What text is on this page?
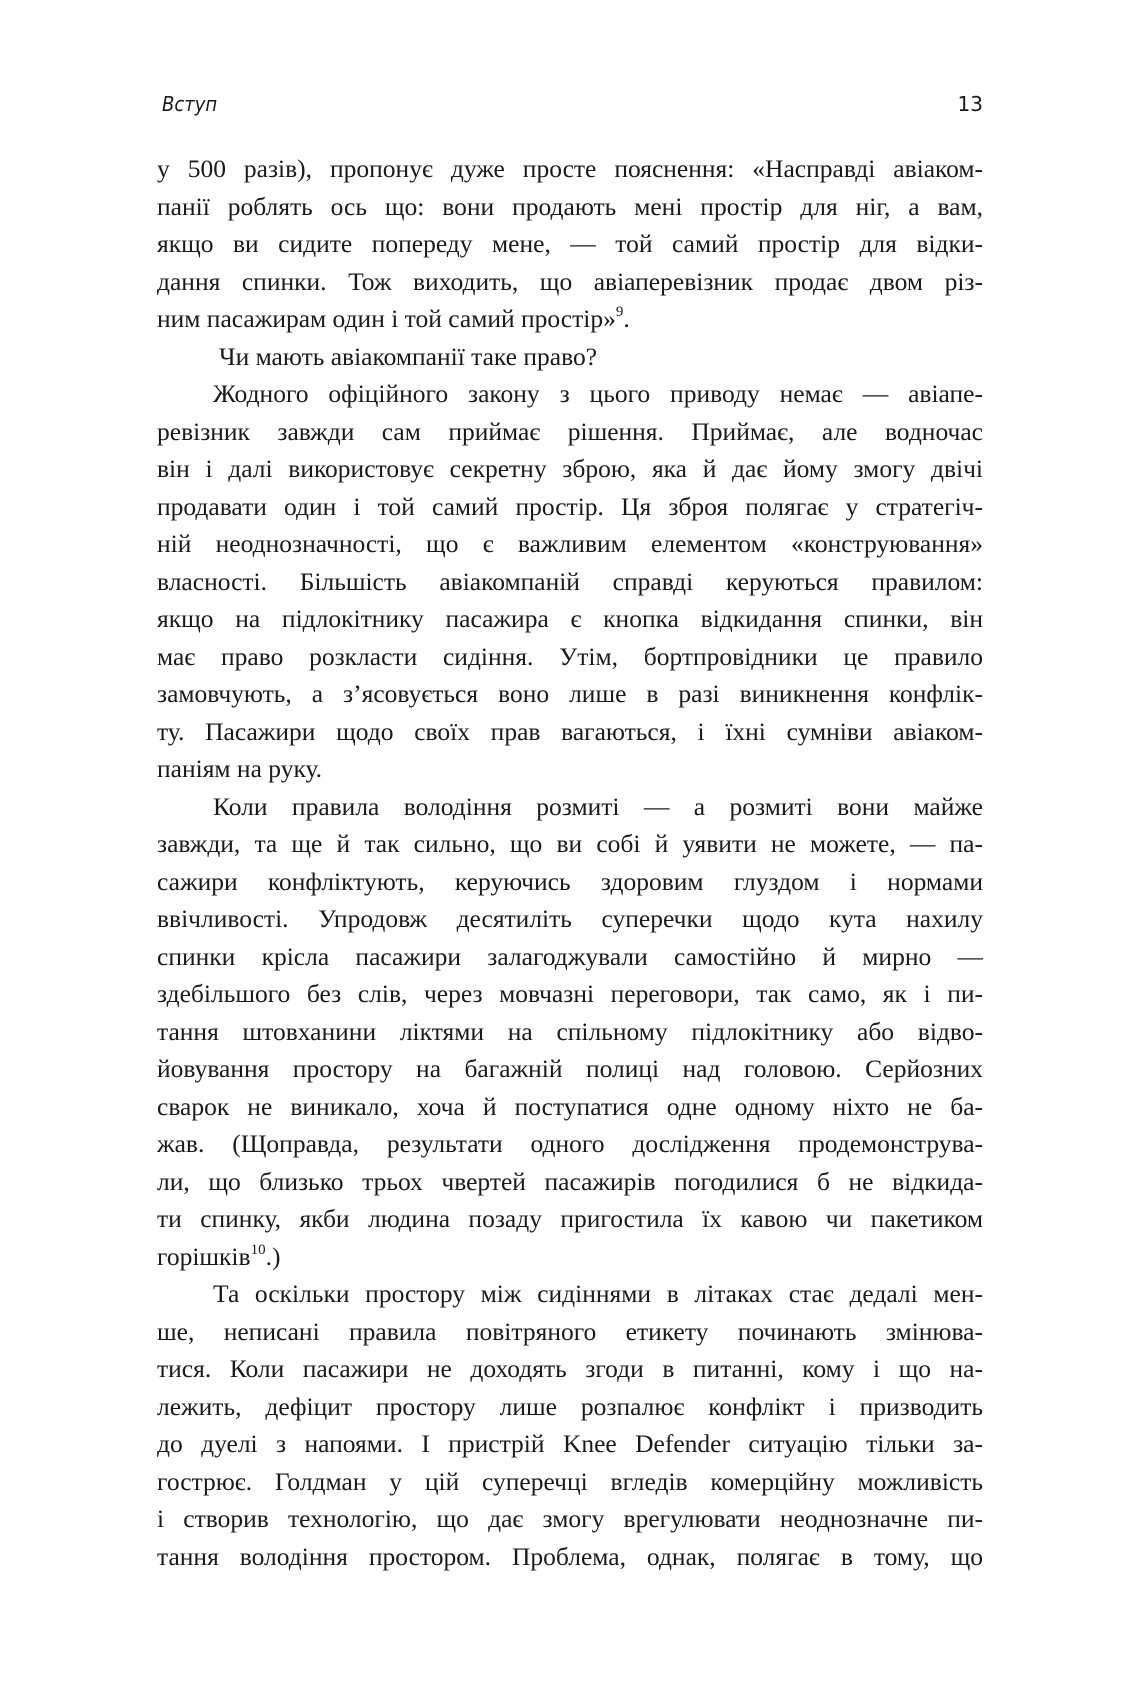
Вступ	13
у 500 разів), пропонує дуже просте пояснення: «Насправді авіаком-
панії роблять ось що: вони продають мені простір для ніг, а вам,
якщо ви сидите попереду мене, — той самий простір для відки-
дання спинки. Тож виходить, що авіаперевізник продає двом різ-
ним пасажирам один і той самий простір»$^9$.
Чи мають авіакомпанії таке право?
Жодного офіційного закону з цього приводу немає — авіапе-
ревізник завжди сам приймає рішення. Приймає, але водночас
він і далі використовує секретну зброю, яка й дає йому змогу двічі
продавати один і той самий простір. Ця зброя полягає у стратегіч-
ній неоднозначності, що є важливим елементом «конструювання»
власності. Більшість авіакомпаній справді керуються правилом:
якщо на підлокітнику пасажира є кнопка відкидання спинки, він
має право розкласти сидіння. Утім, бортпровідники це правило
замовчують, а з’ясовується воно лише в разі виникнення конфлік-
ту. Пасажири щодо своїх прав вагаються, і їхні сумніви авіаком-
паніям на руку.
Коли правила володіння розмиті — а розмиті вони майже
завжди, та ще й так сильно, що ви собі й уявити не можете, — па-
сажири конфліктують, керуючись здоровим глуздом і нормами
ввічливості. Упродовж десятиліть суперечки щодо кута нахилу
спинки крісла пасажири залагоджували самостійно й мирно —
здебільшого без слів, через мовчазні переговори, так само, як і пи-
тання штовханини ліктями на спільному підлокітнику або відво-
йовування простору на багажній полиці над головою. Серйозних
сварок не виникало, хоча й поступатися одне одному ніхто не ба-
жав. (Щоправда, результати одного дослідження продемонструва-
ли, що близько трьох чвертей пасажирів погодилися б не відкида-
ти спинку, якби людина позаду пригостила їх кавою чи пакетиком
горішків$^{10}$.)
Та оскільки простору між сидіннями в літаках стає дедалі мен-
ше, неписані правила повітряного етикету починають змінюва-
тися. Коли пасажири не доходять згоди в питанні, кому і що на-
лежить, дефіцит простору лише розпалює конфлікт і призводить
до дуелі з напоями. І пристрій Knee Defender ситуацію тільки за-
гострює. Голдман у цій суперечці вгледів комерційну можливість
і створив технологію, що дає змогу врегулювати неоднозначне пи-
тання володіння простором. Проблема, однак, полягає в тому, що
